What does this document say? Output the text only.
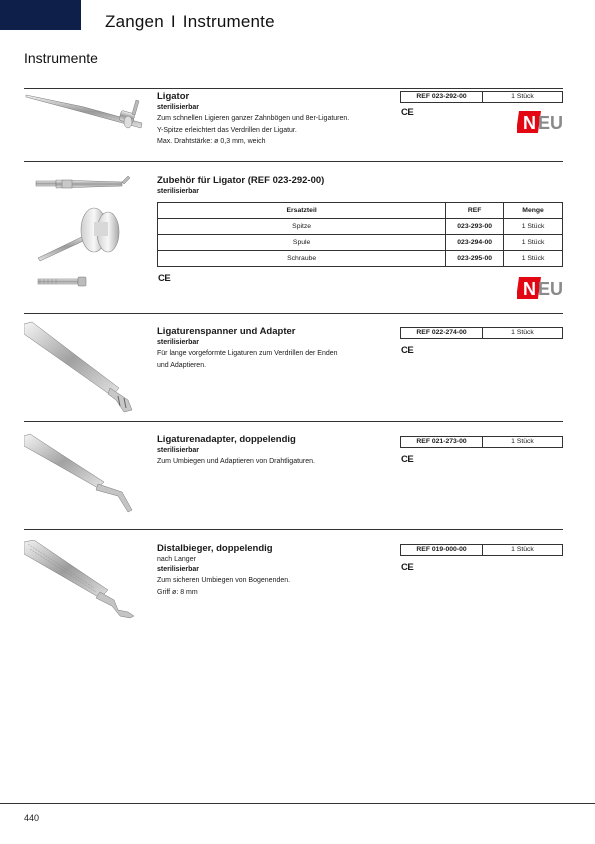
Zangen I Instrumente
Instrumente
Ligator
sterilisierbar
Zum schnellen Ligieren ganzer Zahnbögen und 8er-Ligaturen.
Y-Spitze erleichtert das Verdrillen der Ligatur.
Max. Drahtstärke: ø 0,3 mm, weich
REF 023-292-00	1 Stück
CE
N EU
Zubehör für Ligator (REF 023-292-00)
sterilisierbar
Ersatzteil	REF	Menge
Spitze	023-293-00	1 Stück
Spule	023-294-00	1 Stück
Schraube	023-295-00	1 Stück
CE
N EU
Ligaturenspanner und Adapter
sterilisierbar
Für lange vorgeformte Ligaturen zum Verdrillen der Enden
und Adaptieren.
REF 022-274-00	1 Stück
CE
Ligaturenadapter, doppelendig
sterilisierbar
Zum Umbiegen und Adaptieren von Drahtligaturen.
REF 021-273-00	1 Stück
CE
Distalbieger, doppelendig
nach Langer
sterilisierbar
Zum sicheren Umbiegen von Bogenenden.
Griff ø: 8 mm
REF 019-000-00	1 Stück
CE
440
